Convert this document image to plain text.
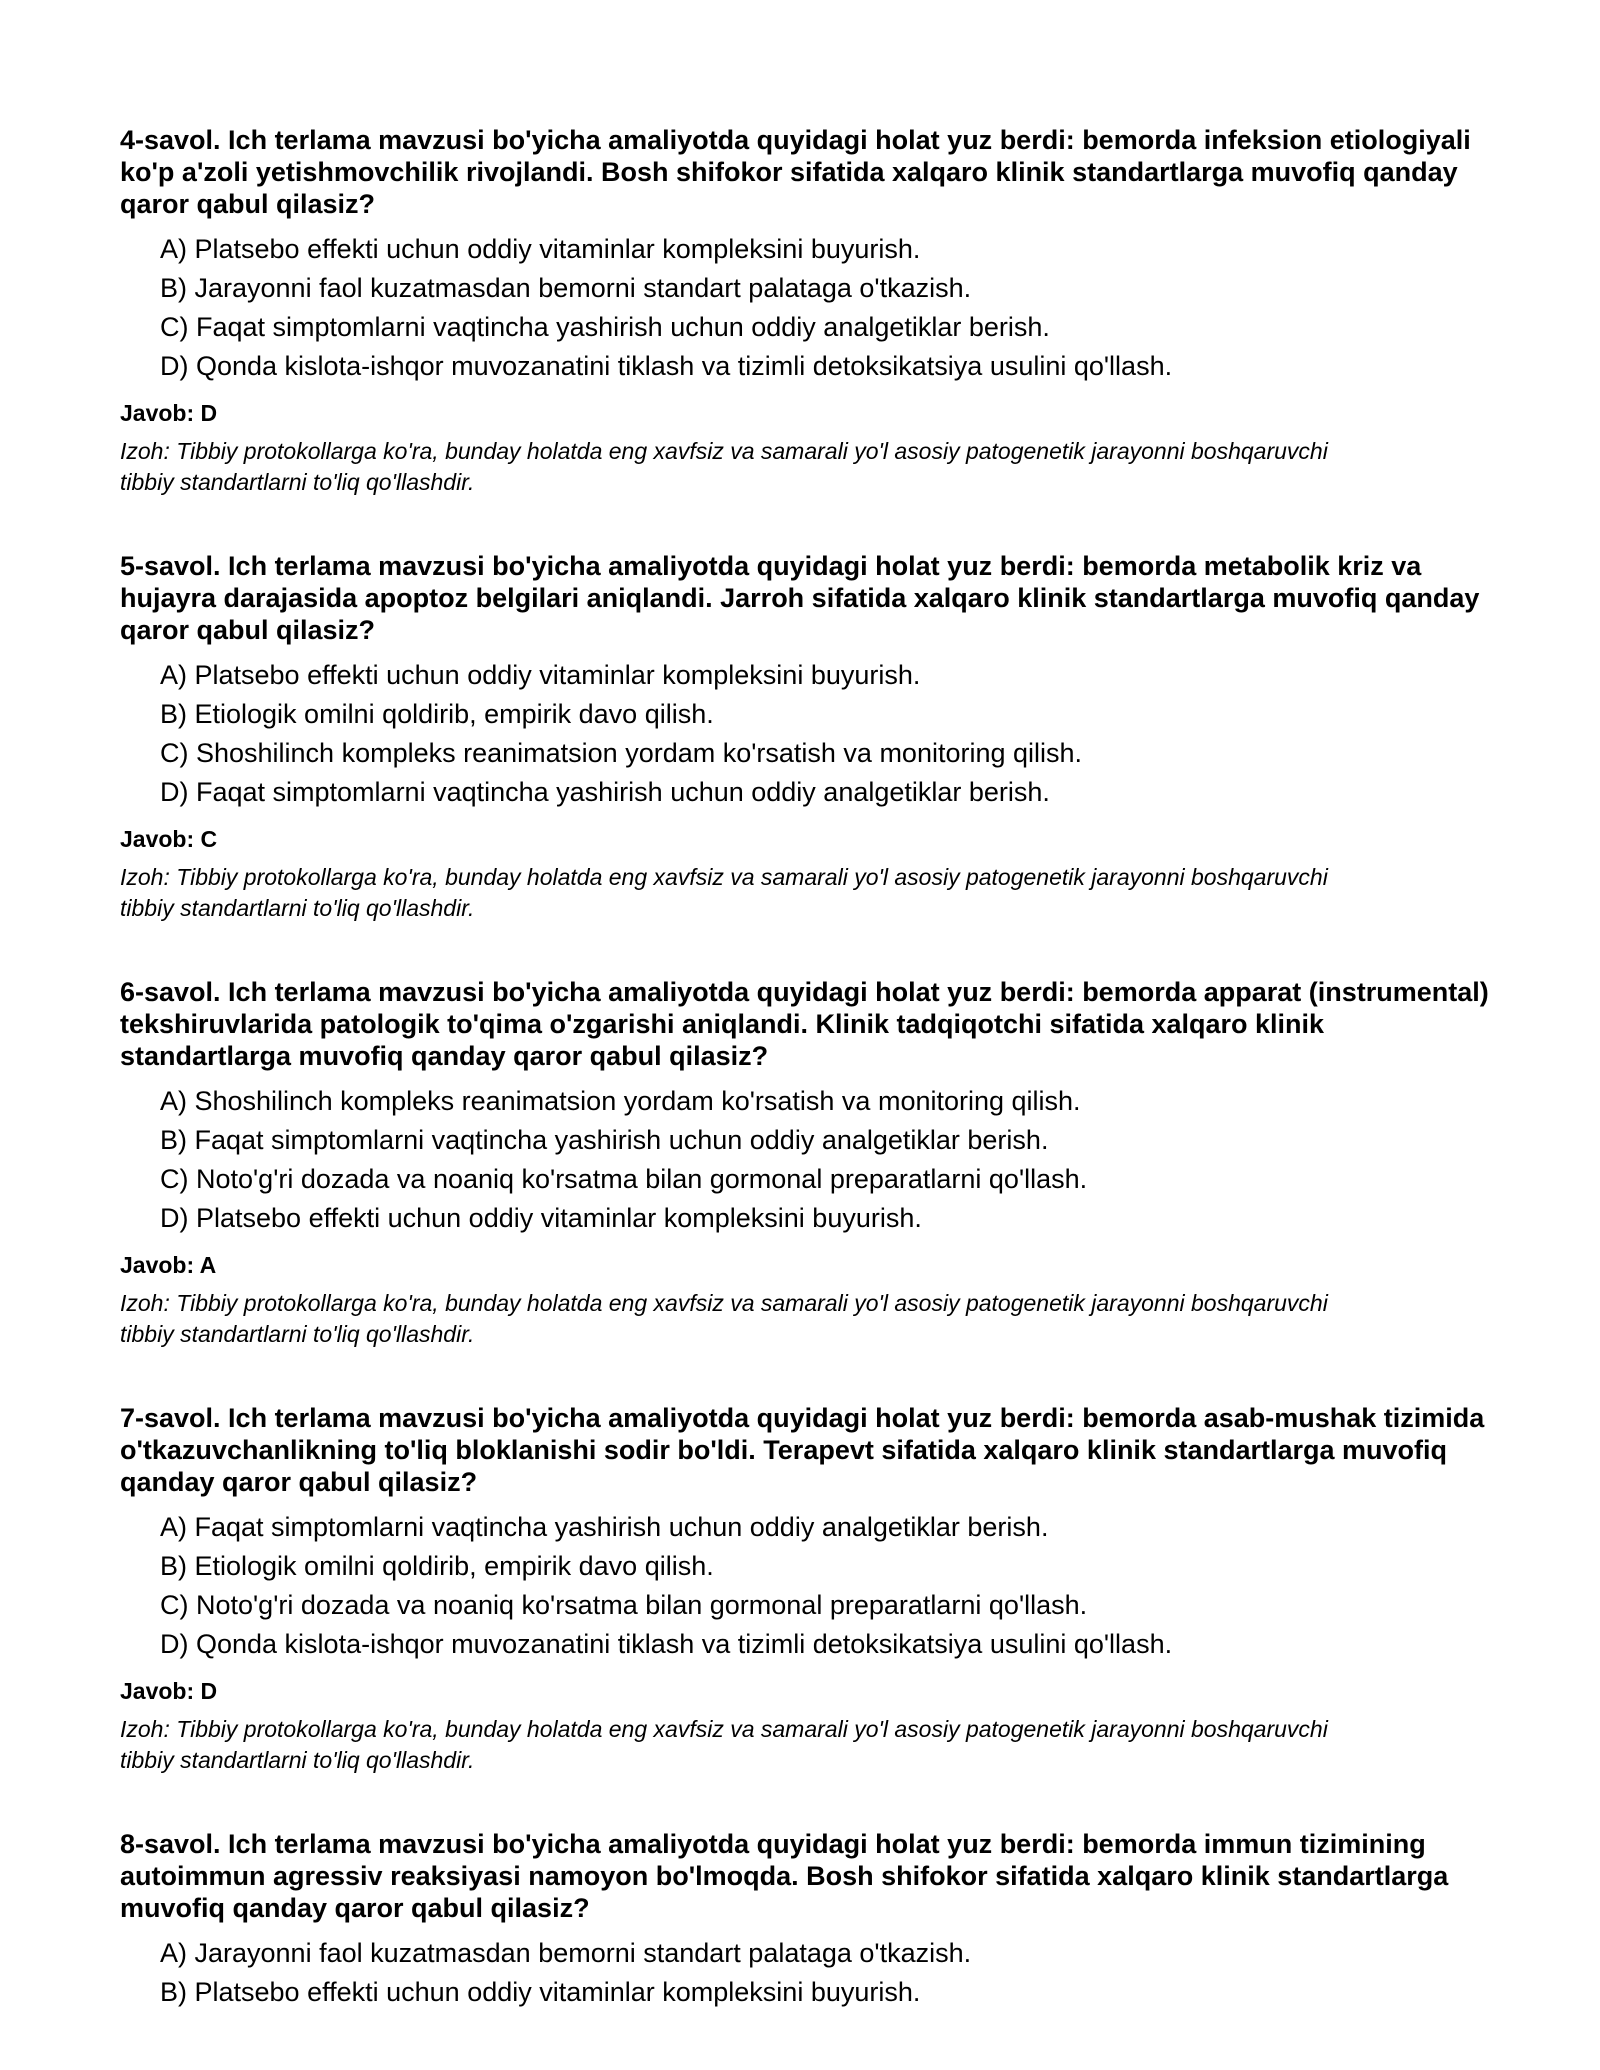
4-savol. Ich terlama mavzusi bo'yicha amaliyotda quyidagi holat yuz berdi: bemorda infeksion etiologiyali ko'p a'zoli yetishmovchilik rivojlandi. Bosh shifokor sifatida xalqaro klinik standartlarga muvofiq qanday qaror qabul qilasiz?
A) Platsebo effekti uchun oddiy vitaminlar kompleksini buyurish.
B) Jarayonni faol kuzatmasdan bemorni standart palataga o'tkazish.
C) Faqat simptomlarni vaqtincha yashirish uchun oddiy analgetiklar berish.
D) Qonda kislota-ishqor muvozanatini tiklash va tizimli detoksikatsiya usulini qo'llash.
Javob: D
Izoh: Tibbiy protokollarga ko'ra, bunday holatda eng xavfsiz va samarali yo'l asosiy patogenetik jarayonni boshqaruvchi tibbiy standartlarni to'liq qo'llashdir.
5-savol. Ich terlama mavzusi bo'yicha amaliyotda quyidagi holat yuz berdi: bemorda metabolik kriz va hujayra darajasida apoptoz belgilari aniqlandi. Jarroh sifatida xalqaro klinik standartlarga muvofiq qanday qaror qabul qilasiz?
A) Platsebo effekti uchun oddiy vitaminlar kompleksini buyurish.
B) Etiologik omilni qoldirib, empirik davo qilish.
C) Shoshilinch kompleks reanimatsion yordam ko'rsatish va monitoring qilish.
D) Faqat simptomlarni vaqtincha yashirish uchun oddiy analgetiklar berish.
Javob: C
Izoh: Tibbiy protokollarga ko'ra, bunday holatda eng xavfsiz va samarali yo'l asosiy patogenetik jarayonni boshqaruvchi tibbiy standartlarni to'liq qo'llashdir.
6-savol. Ich terlama mavzusi bo'yicha amaliyotda quyidagi holat yuz berdi: bemorda apparat (instrumental) tekshiruvlarida patologik to'qima o'zgarishi aniqlandi. Klinik tadqiqotchi sifatida xalqaro klinik standartlarga muvofiq qanday qaror qabul qilasiz?
A) Shoshilinch kompleks reanimatsion yordam ko'rsatish va monitoring qilish.
B) Faqat simptomlarni vaqtincha yashirish uchun oddiy analgetiklar berish.
C) Noto'g'ri dozada va noaniq ko'rsatma bilan gormonal preparatlarni qo'llash.
D) Platsebo effekti uchun oddiy vitaminlar kompleksini buyurish.
Javob: A
Izoh: Tibbiy protokollarga ko'ra, bunday holatda eng xavfsiz va samarali yo'l asosiy patogenetik jarayonni boshqaruvchi tibbiy standartlarni to'liq qo'llashdir.
7-savol. Ich terlama mavzusi bo'yicha amaliyotda quyidagi holat yuz berdi: bemorda asab-mushak tizimida o'tkazuvchanlikning to'liq bloklanishi sodir bo'ldi. Terapevt sifatida xalqaro klinik standartlarga muvofiq qanday qaror qabul qilasiz?
A) Faqat simptomlarni vaqtincha yashirish uchun oddiy analgetiklar berish.
B) Etiologik omilni qoldirib, empirik davo qilish.
C) Noto'g'ri dozada va noaniq ko'rsatma bilan gormonal preparatlarni qo'llash.
D) Qonda kislota-ishqor muvozanatini tiklash va tizimli detoksikatsiya usulini qo'llash.
Javob: D
Izoh: Tibbiy protokollarga ko'ra, bunday holatda eng xavfsiz va samarali yo'l asosiy patogenetik jarayonni boshqaruvchi tibbiy standartlarni to'liq qo'llashdir.
8-savol. Ich terlama mavzusi bo'yicha amaliyotda quyidagi holat yuz berdi: bemorda immun tizimining autoimmun agressiv reaksiyasi namoyon bo'lmoqda. Bosh shifokor sifatida xalqaro klinik standartlarga muvofiq qanday qaror qabul qilasiz?
A) Jarayonni faol kuzatmasdan bemorni standart palataga o'tkazish.
B) Platsebo effekti uchun oddiy vitaminlar kompleksini buyurish.
